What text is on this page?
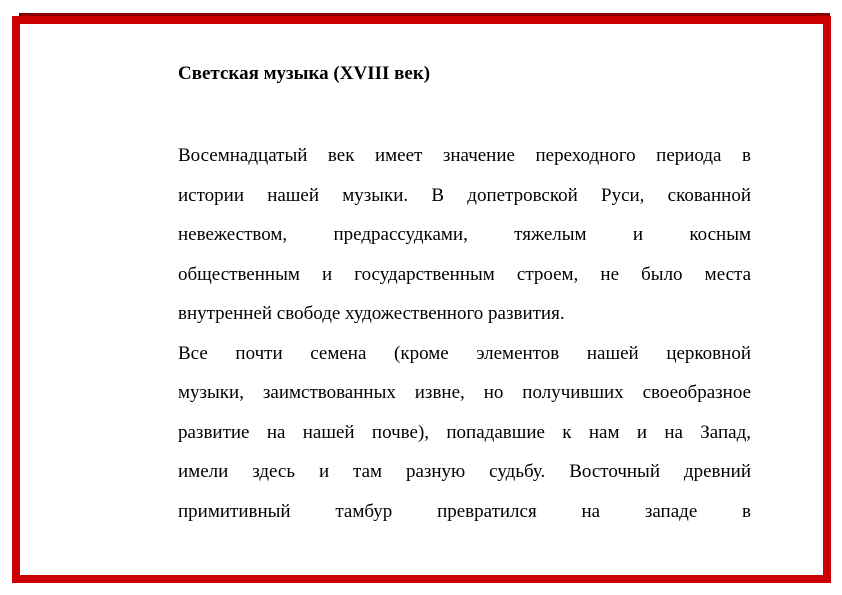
Светская музыка (XVIII век)
Восемнадцатый век имеет значение переходного периода в
истории нашей музыки. В допетровской Руси, скованной
невежеством, предрассудками, тяжелым и косным
общественным и государственным строем, не было места
внутренней свободе художественного развития.
Все почти семена (кроме элементов нашей церковной
музыки, заимствованных извне, но получивших своеобразное
развитие на нашей почве), попадавшие к нам и на Запад,
имели здесь и там разную судьбу. Восточный древний
примитивный тамбур превратился на западе в
